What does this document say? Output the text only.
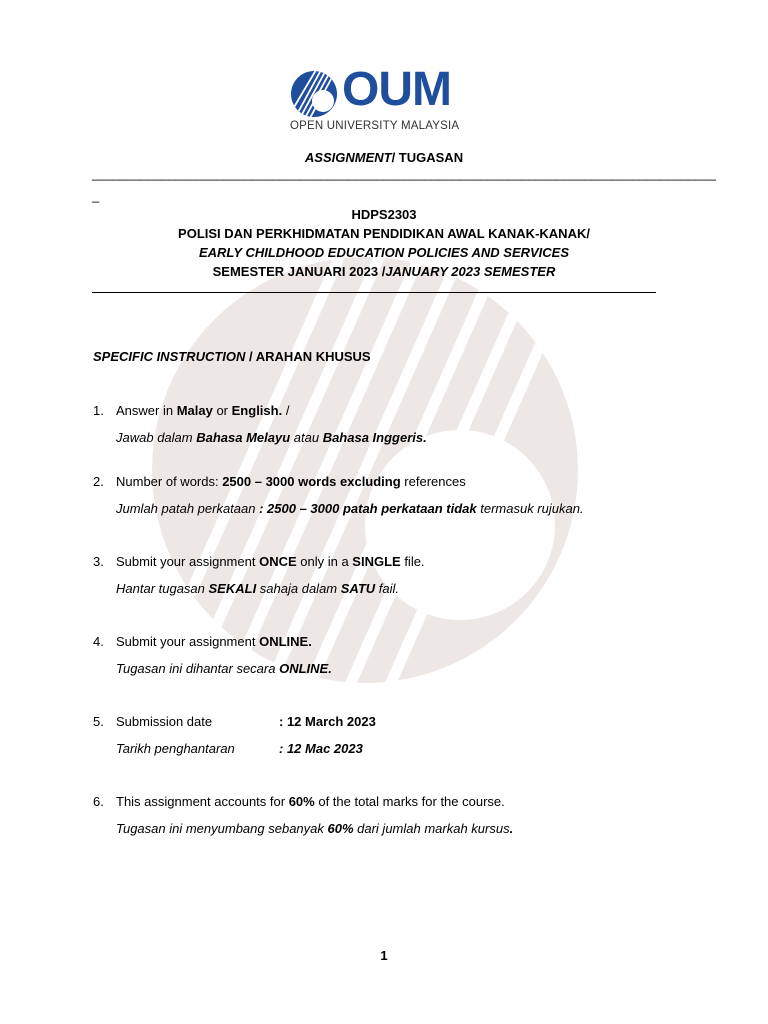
OUM
OPEN UNIVERSITY MALAYSIA
ASSIGNMENT/ TUGASAN
__________________________________________________________________________________________
_
HDPS2303
POLISI DAN PERKHIDMATAN PENDIDIKAN AWAL KANAK-KANAK/
EARLY CHILDHOOD EDUCATION POLICIES AND SERVICES
SEMESTER JANUARI 2023 /JANUARY 2023 SEMESTER
SPECIFIC INSTRUCTION / ARAHAN KHUSUS
1. Answer in Malay or English. /
Jawab dalam Bahasa Melayu atau Bahasa Inggeris.
2. Number of words: 2500 – 3000 words excluding references
Jumlah patah perkataan : 2500 – 3000 patah perkataan tidak termasuk rujukan.
3. Submit your assignment ONCE only in a SINGLE file.
Hantar tugasan SEKALI sahaja dalam SATU fail.
4. Submit your assignment ONLINE.
Tugasan ini dihantar secara ONLINE.
5. Submission date	: 12 March 2023
Tarikh penghantaran	: 12 Mac 2023
6. This assignment accounts for 60% of the total marks for the course.
Tugasan ini menyumbang sebanyak 60% dari jumlah markah kursus.
1
